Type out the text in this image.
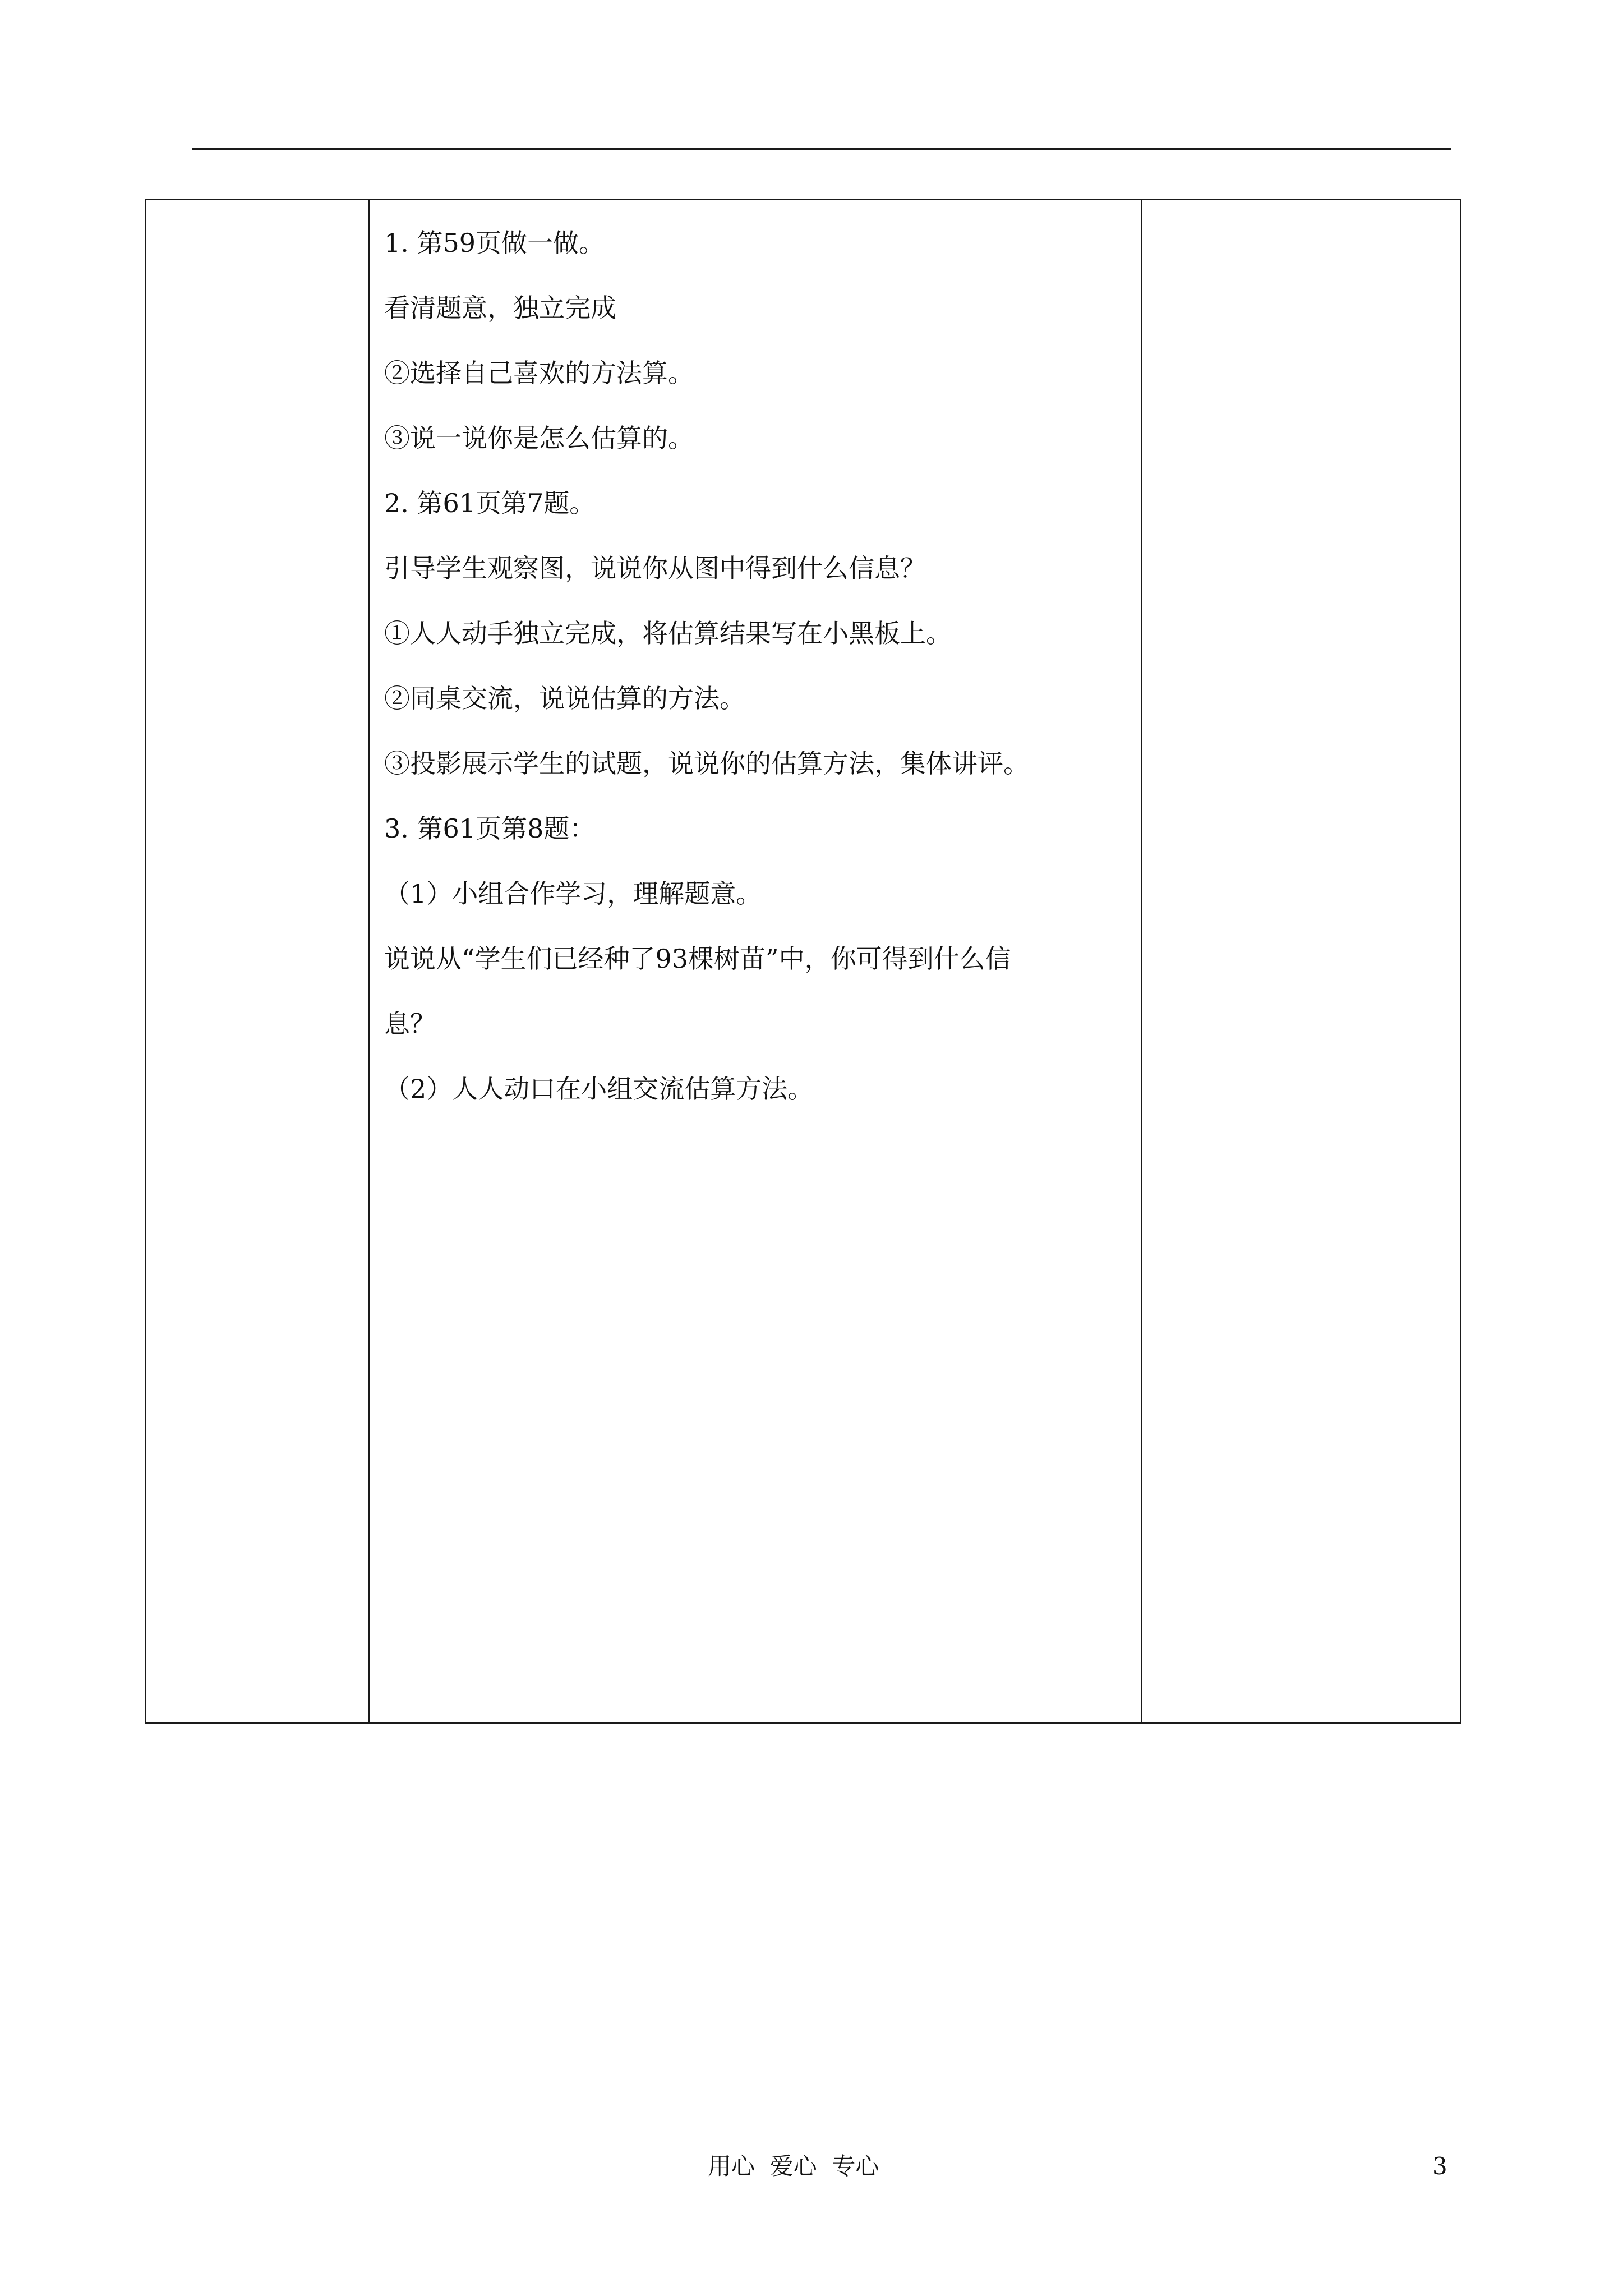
1. 第59页做一做。

看清题意，独立完成

②选择自己喜欢的方法算。

③说一说你是怎么估算的。

2. 第61页第7题。

引导学生观察图，说说你从图中得到什么信息？

①人人动手独立完成，将估算结果写在小黑板上。

②同桌交流，说说估算的方法。

③投影展示学生的试题，说说你的估算方法，集体讲评。

3. 第61页第8题：

（1）小组合作学习，理解题意。

说说从“学生们已经种了93棵树苗”中，你可得到什么信

息？

（2）人人动口在小组交流估算方法。

用心  爱心  专心	3
